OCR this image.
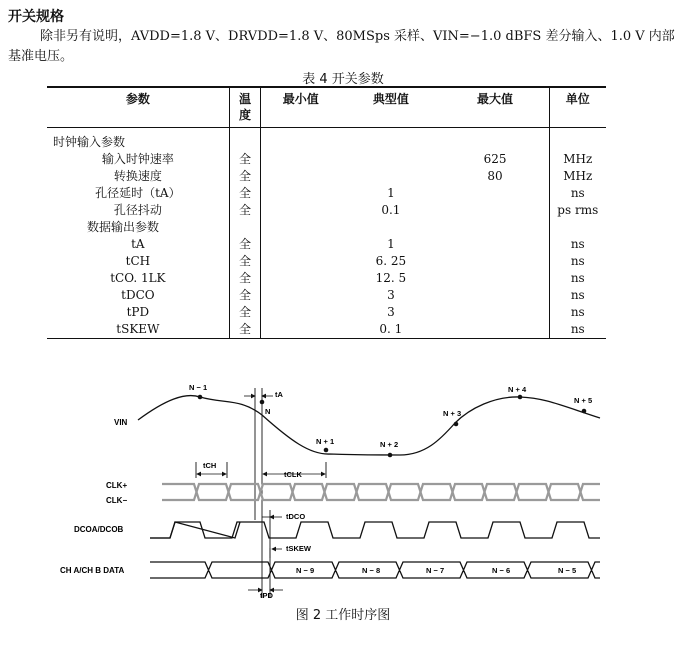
开关规格
除非另有说明，AVDD=1.8 V、DRVDD=1.8 V、80MSps 采样、VIN=−1.0 dBFS 差分输入、1.0 V 内部基准电压。
表 4 开关参数
参数	温度	最小值	典型值	最大值	单位

时钟输入参数					
输入时钟速率	全			625	MHz
转换速度	全			80	MHz
孔径延时（tA）	全		1		ns
孔径抖动	全		0.1		ps rms
数据输出参数					
tA	全		1		ns
tCH	全		6. 25		ns
tCO. 1LK	全		12. 5		ns
tDCO	全		3		ns
tPD	全		3		ns
tSKEW	全		0. 1		ns
VIN
CLK+
CLK−
DCOA/DCOB
CH A/CH B DATA
N − 1
N
N + 1	N + 2
N + 3
N + 4
N + 5
tA
tCH
tCLK
tDCO
tSKEW
N − 9	N − 8	N − 7	N − 6	N − 5
tPD
图 2 工作时序图
